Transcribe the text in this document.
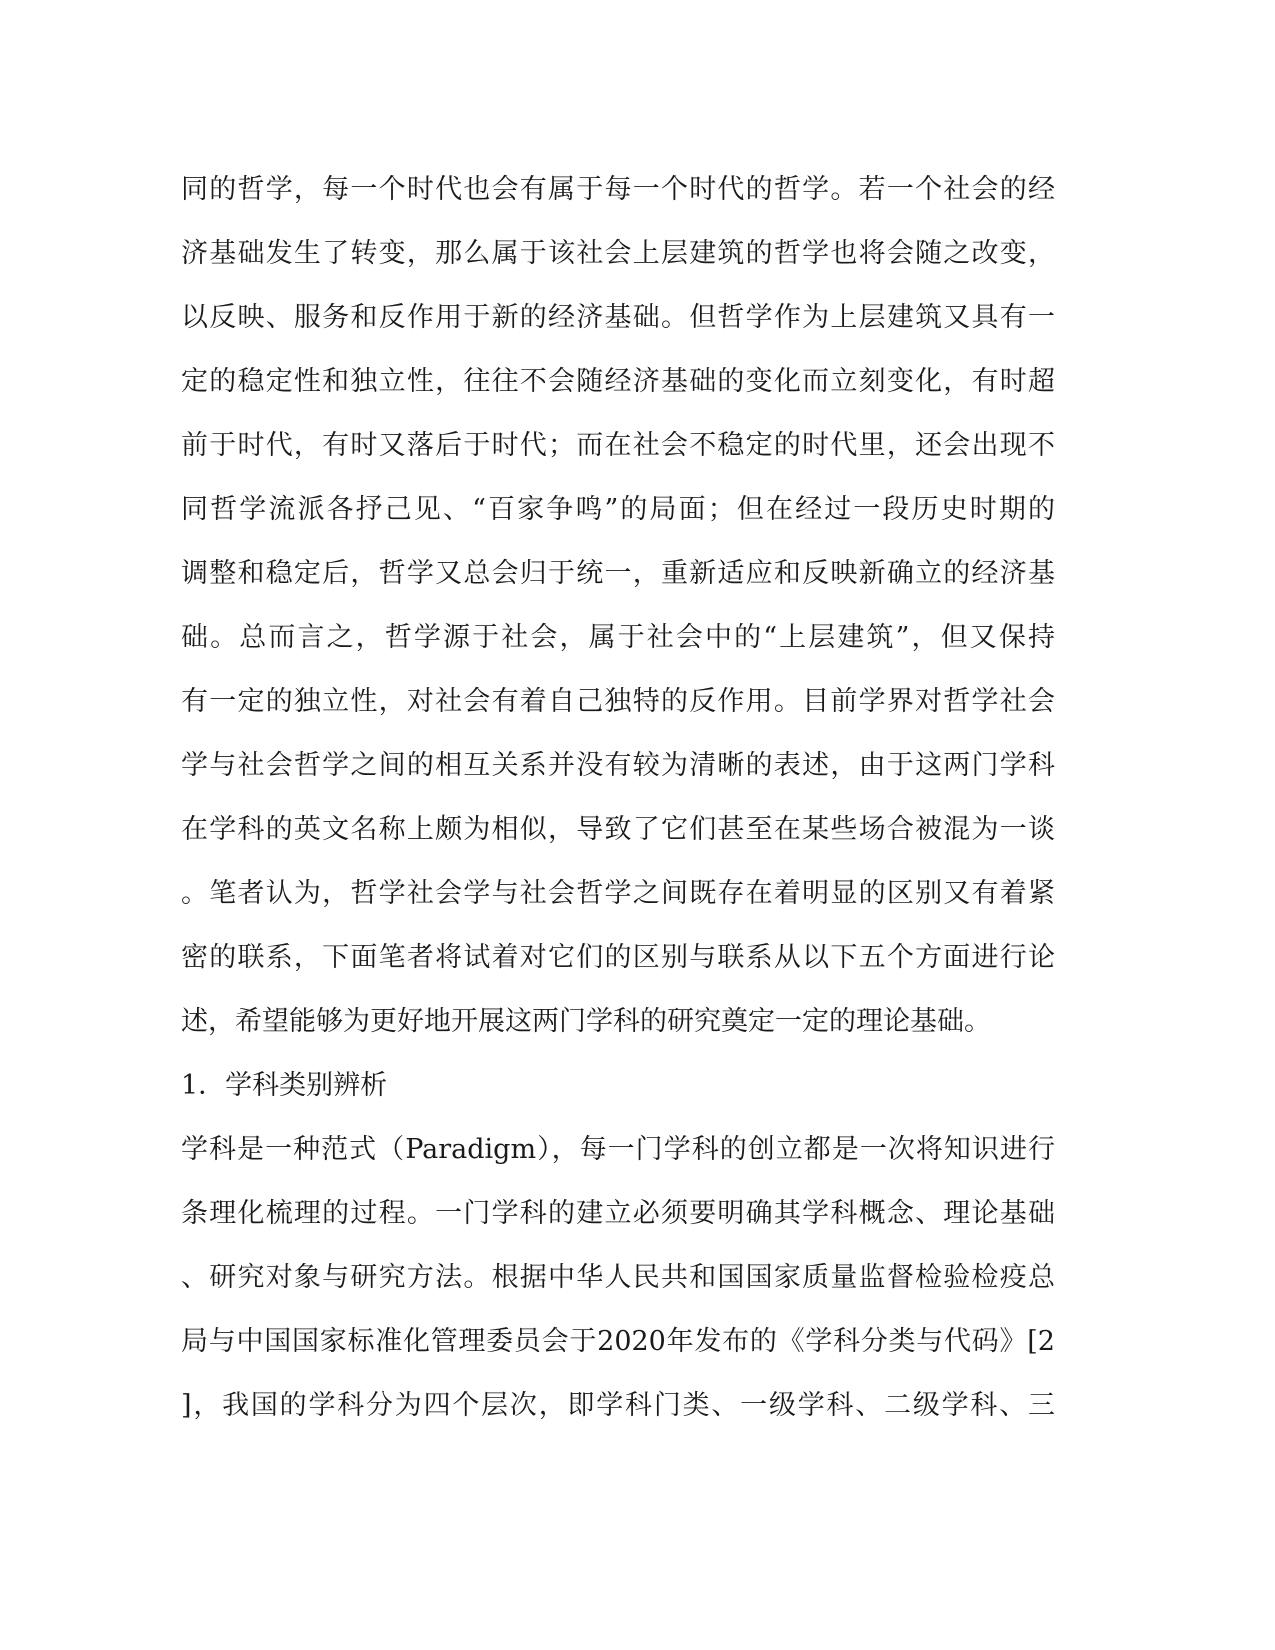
同的哲学，每一个时代也会有属于每一个时代的哲学。若一个社会的经
济基础发生了转变，那么属于该社会上层建筑的哲学也将会随之改变，
以反映、服务和反作用于新的经济基础。但哲学作为上层建筑又具有一
定的稳定性和独立性，往往不会随经济基础的变化而立刻变化，有时超
前于时代，有时又落后于时代；而在社会不稳定的时代里，还会出现不
同哲学流派各抒己见、“百家争鸣”的局面；但在经过一段历史时期的
调整和稳定后，哲学又总会归于统一，重新适应和反映新确立的经济基
础。总而言之，哲学源于社会，属于社会中的“上层建筑”，但又保持
有一定的独立性，对社会有着自己独特的反作用。目前学界对哲学社会
学与社会哲学之间的相互关系并没有较为清晰的表述，由于这两门学科
在学科的英文名称上颇为相似，导致了它们甚至在某些场合被混为一谈
。笔者认为，哲学社会学与社会哲学之间既存在着明显的区别又有着紧
密的联系，下面笔者将试着对它们的区别与联系从以下五个方面进行论
述，希望能够为更好地开展这两门学科的研究奠定一定的理论基础。
1．学科类别辨析
学科是一种范式（Paradigm），每一门学科的创立都是一次将知识进行
条理化梳理的过程。一门学科的建立必须要明确其学科概念、理论基础
、研究对象与研究方法。根据中华人民共和国国家质量监督检验检疫总
局与中国国家标准化管理委员会于2020年发布的《学科分类与代码》[2
]，我国的学科分为四个层次，即学科门类、一级学科、二级学科、三
